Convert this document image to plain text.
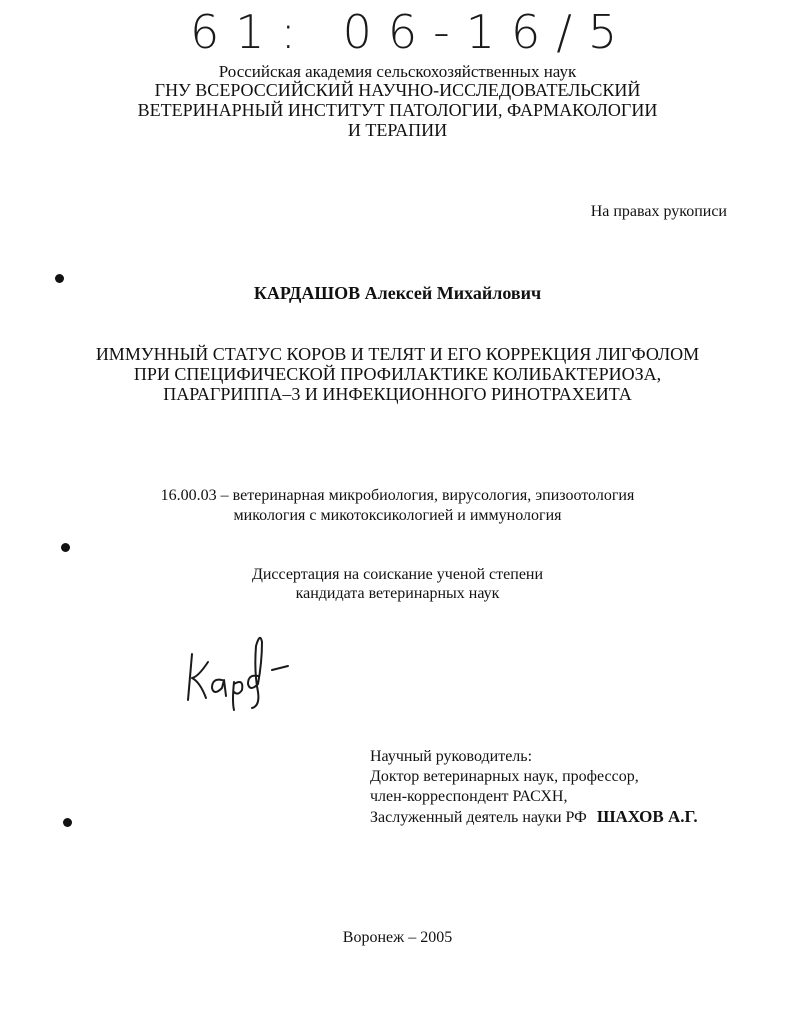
61: 06-16/5
Российская академия сельскохозяйственных наук
ГНУ ВСЕРОССИЙСКИЙ НАУЧНО-ИССЛЕДОВАТЕЛЬСКИЙ
ВЕТЕРИНАРНЫЙ ИНСТИТУТ ПАТОЛОГИИ, ФАРМАКОЛОГИИ
И ТЕРАПИИ
На правах рукописи
КАРДАШОВ Алексей Михайлович
ИММУННЫЙ СТАТУС КОРОВ И ТЕЛЯТ И ЕГО КОРРЕКЦИЯ ЛИГФОЛОМ
ПРИ СПЕЦИФИЧЕСКОЙ ПРОФИЛАКТИКЕ КОЛИБАКТЕРИОЗА,
ПАРАГРИППА–3 И ИНФЕКЦИОННОГО РИНОТРАХЕИТА
16.00.03 – ветеринарная микробиология, вирусология, эпизоотология
микология с микотоксикологией и иммунология
Диссертация на соискание ученой степени
кандидата ветеринарных наук
Научный руководитель:
Доктор ветеринарных наук, профессор,
член-корреспондент РАСХН,
Заслуженный деятель науки РФ ШАХОВ А.Г.
Воронеж – 2005
